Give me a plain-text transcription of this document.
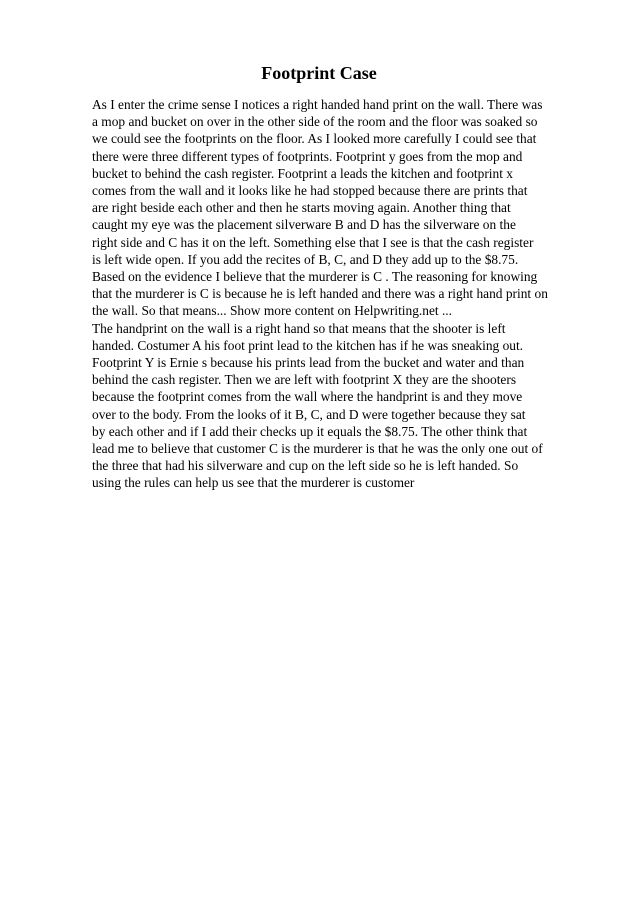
Footprint Case
As I enter the crime sense I notices a right handed hand print on the wall. There was
a mop and bucket on over in the other side of the room and the floor was soaked so
we could see the footprints on the floor. As I looked more carefully I could see that
there were three different types of footprints. Footprint y goes from the mop and
bucket to behind the cash register. Footprint a leads the kitchen and footprint x
comes from the wall and it looks like he had stopped because there are prints that
are right beside each other and then he starts moving again. Another thing that
caught my eye was the placement silverware B and D has the silverware on the
right side and C has it on the left. Something else that I see is that the cash register
is left wide open. If you add the recites of B, C, and D they add up to the $8.75.
Based on the evidence I believe that the murderer is C . The reasoning for knowing
that the murderer is C is because he is left handed and there was a right hand print on
the wall. So that means... Show more content on Helpwriting.net ...
The handprint on the wall is a right hand so that means that the shooter is left
handed. Costumer A his foot print lead to the kitchen has if he was sneaking out.
Footprint Y is Ernie s because his prints lead from the bucket and water and than
behind the cash register. Then we are left with footprint X they are the shooters
because the footprint comes from the wall where the handprint is and they move
over to the body. From the looks of it B, C, and D were together because they sat
by each other and if I add their checks up it equals the $8.75. The other think that
lead me to believe that customer C is the murderer is that he was the only one out of
the three that had his silverware and cup on the left side so he is left handed. So
using the rules can help us see that the murderer is customer
